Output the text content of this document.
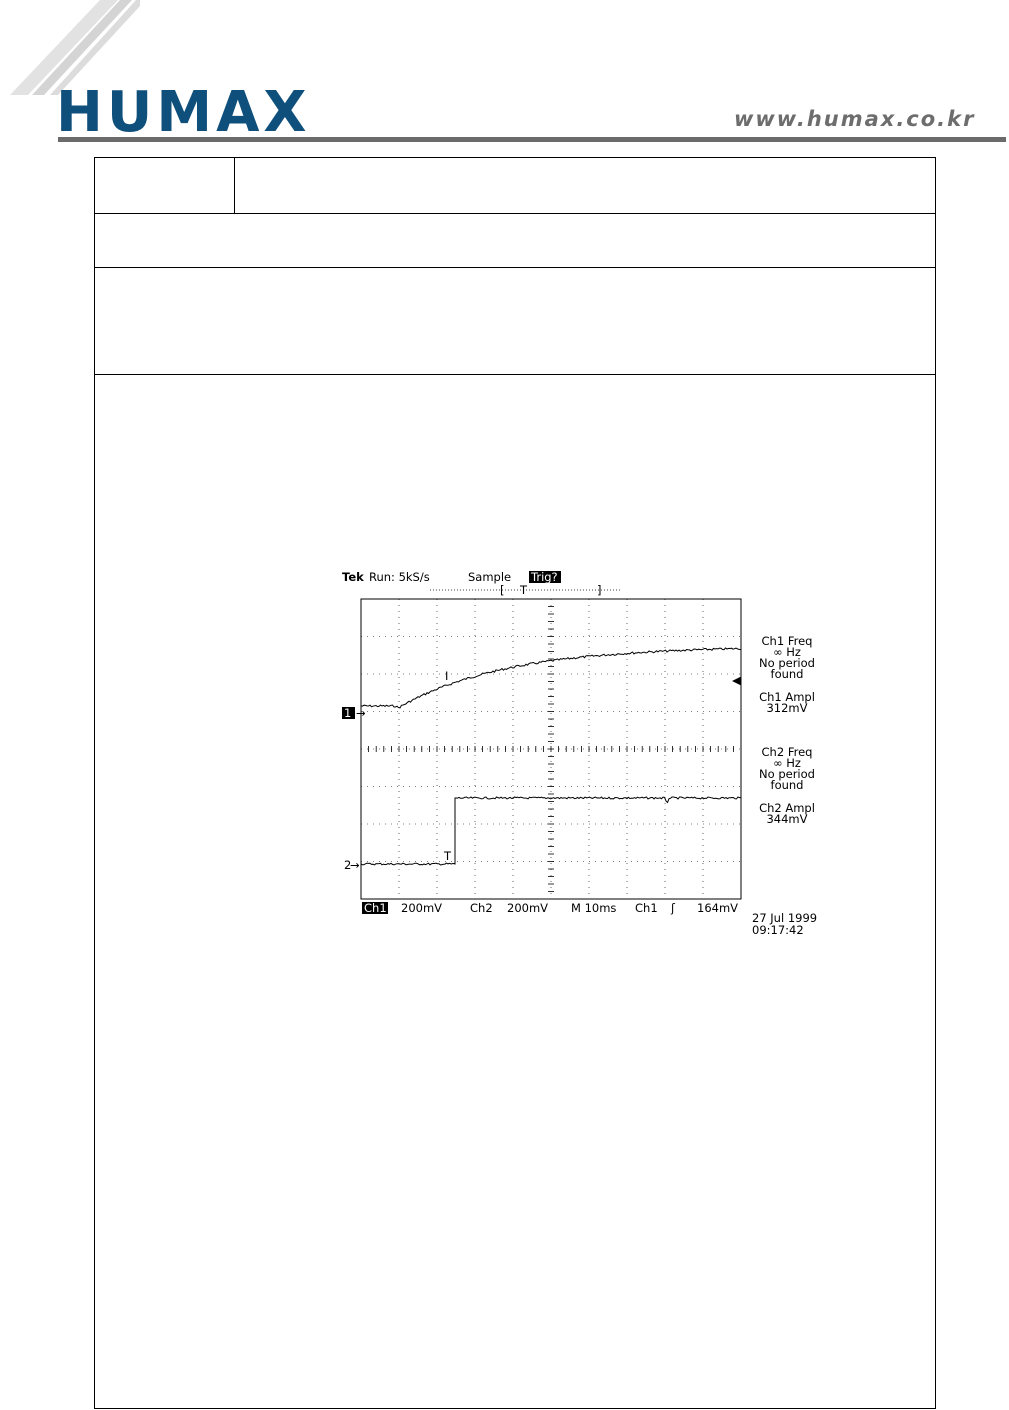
HUMAX	www.humax.co.kr
Tek Run: 5kS/s	Sample Trig?
[	]
T
I
T
◀
1 →
2
→
Ch1 Freq
∞ Hz
No period
found
Ch1 Ampl
312mV
Ch2 Freq
∞ Hz
No period
found
Ch2 Ampl
344mV
Ch1 200mV Ch2 200mV M 10ms Ch1 ʃ 164mV
27 Jul 1999
09:17:42
